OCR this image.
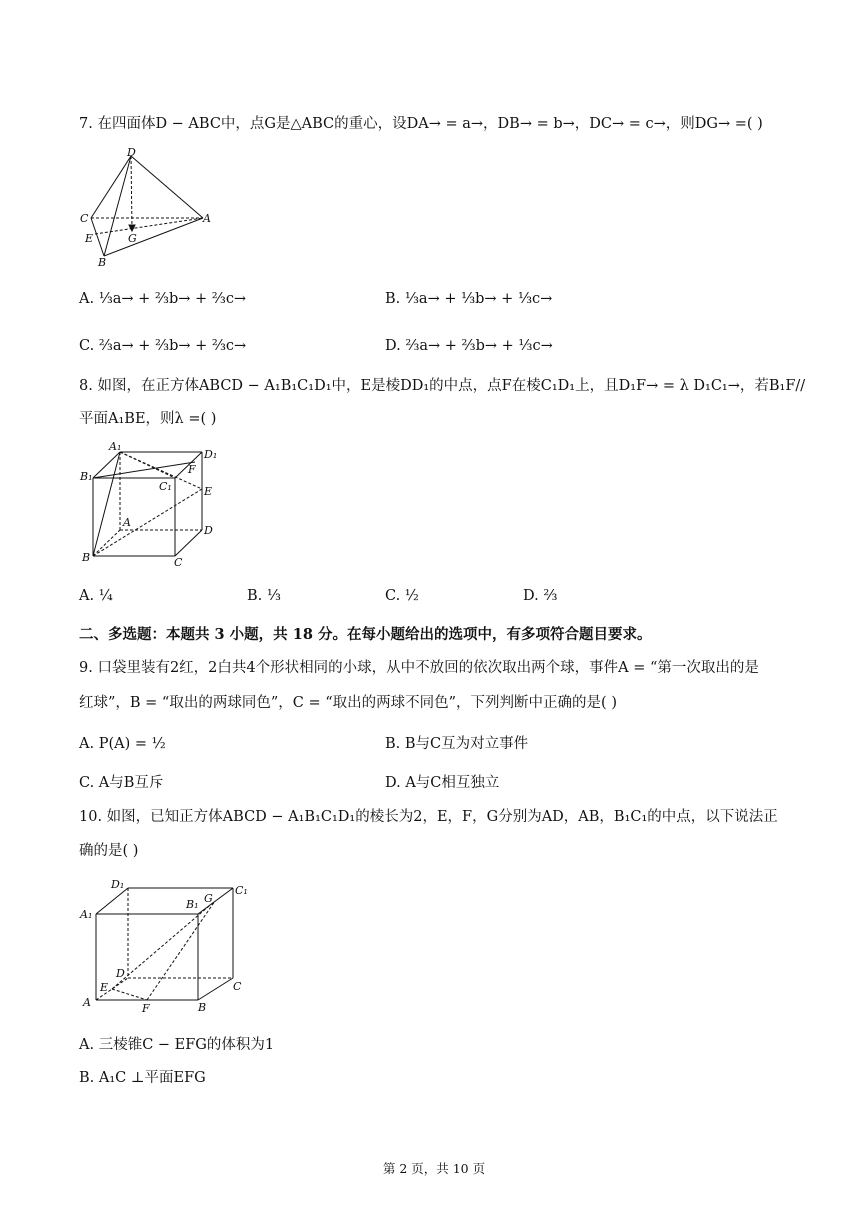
7. 在四面体D − ABC中，点G是△ABC的重心，设DA→ = a→，DB→ = b→，DC→ = c→，则DG→ =( )
D
C	A
E	G
B
A. ⅓a→ + ⅔b→ + ⅔c→	B. ⅓a→ + ⅓b→ + ⅓c→
C. ⅔a→ + ⅔b→ + ⅔c→	D. ⅔a→ + ⅔b→ + ⅓c→
8. 如图，在正方体ABCD − A₁B₁C₁D₁中，E是棱DD₁的中点，点F在棱C₁D₁上，且D₁F→ = λ D₁C₁→，若B₁F//
平面A₁BE，则λ =( )
A₁
D₁
B₁
F
C₁	E
A
D
B	C
A. ¼	B. ⅓	C. ½	D. ⅔
二、多选题：本题共 3 小题，共 18 分。在每小题给出的选项中，有多项符合题目要求。
9. 口袋里装有2红，2白共4个形状相同的小球，从中不放回的依次取出两个球，事件A = “第一次取出的是
红球”，B = “取出的两球同色”，C = “取出的两球不同色”，下列判断中正确的是( )
A. P(A) = ½	B. B与C互为对立事件
C. A与B互斥	D. A与C相互独立
10. 如图，已知正方体ABCD − A₁B₁C₁D₁的棱长为2，E，F，G分别为AD，AB，B₁C₁的中点，以下说法正
确的是( )
D₁	C₁
A₁
B₁ G
D
E
A	F	B
C
A. 三棱锥C − EFG的体积为1
B. A₁C ⊥平面EFG
第 2 页，共 10 页
